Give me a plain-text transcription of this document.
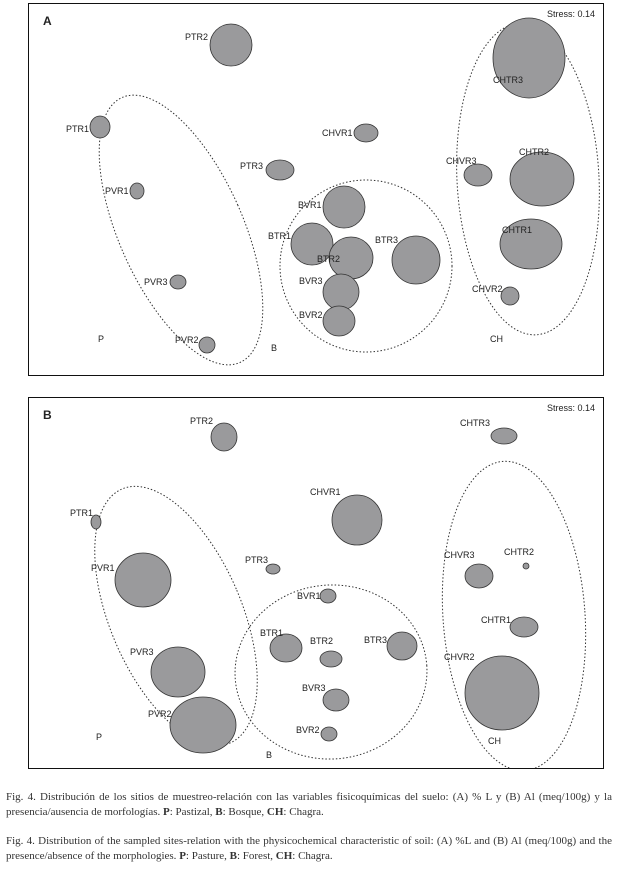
P
B
CH
PTR2
PTR1
PVR1
PVR3
PVR2
PTR3
CHVR1
BVR1
BTR1
BTR2
BTR3
BVR3
BVR2
CHTR3
CHVR3
CHTR2
CHTR1
CHVR2
A	Stress: 0.14
P
B
CH
PTR2	CHTR3
PTR1
CHVR1
PVR1
PTR3	CHVR3	CHTR2
BVR1
BTR1
BTR2	BTR3
CHTR1
PVR3
BVR3
CHVR2
PVR2
BVR2
B	Stress: 0.14
Fig. 4. Distribución de los sitios de muestreo-relación con las variables fisicoquímicas del suelo: (A) % L y (B) Al (meq/100g) y la presencia/ausencia de morfologías. P: Pastizal, B: Bosque, CH: Chagra.
Fig. 4. Distribution of the sampled sites-relation with the physicochemical characteristic of soil: (A) %L and (B) Al (meq/100g) and the presence/absence of the morphologies. P: Pasture, B: Forest, CH: Chagra.
